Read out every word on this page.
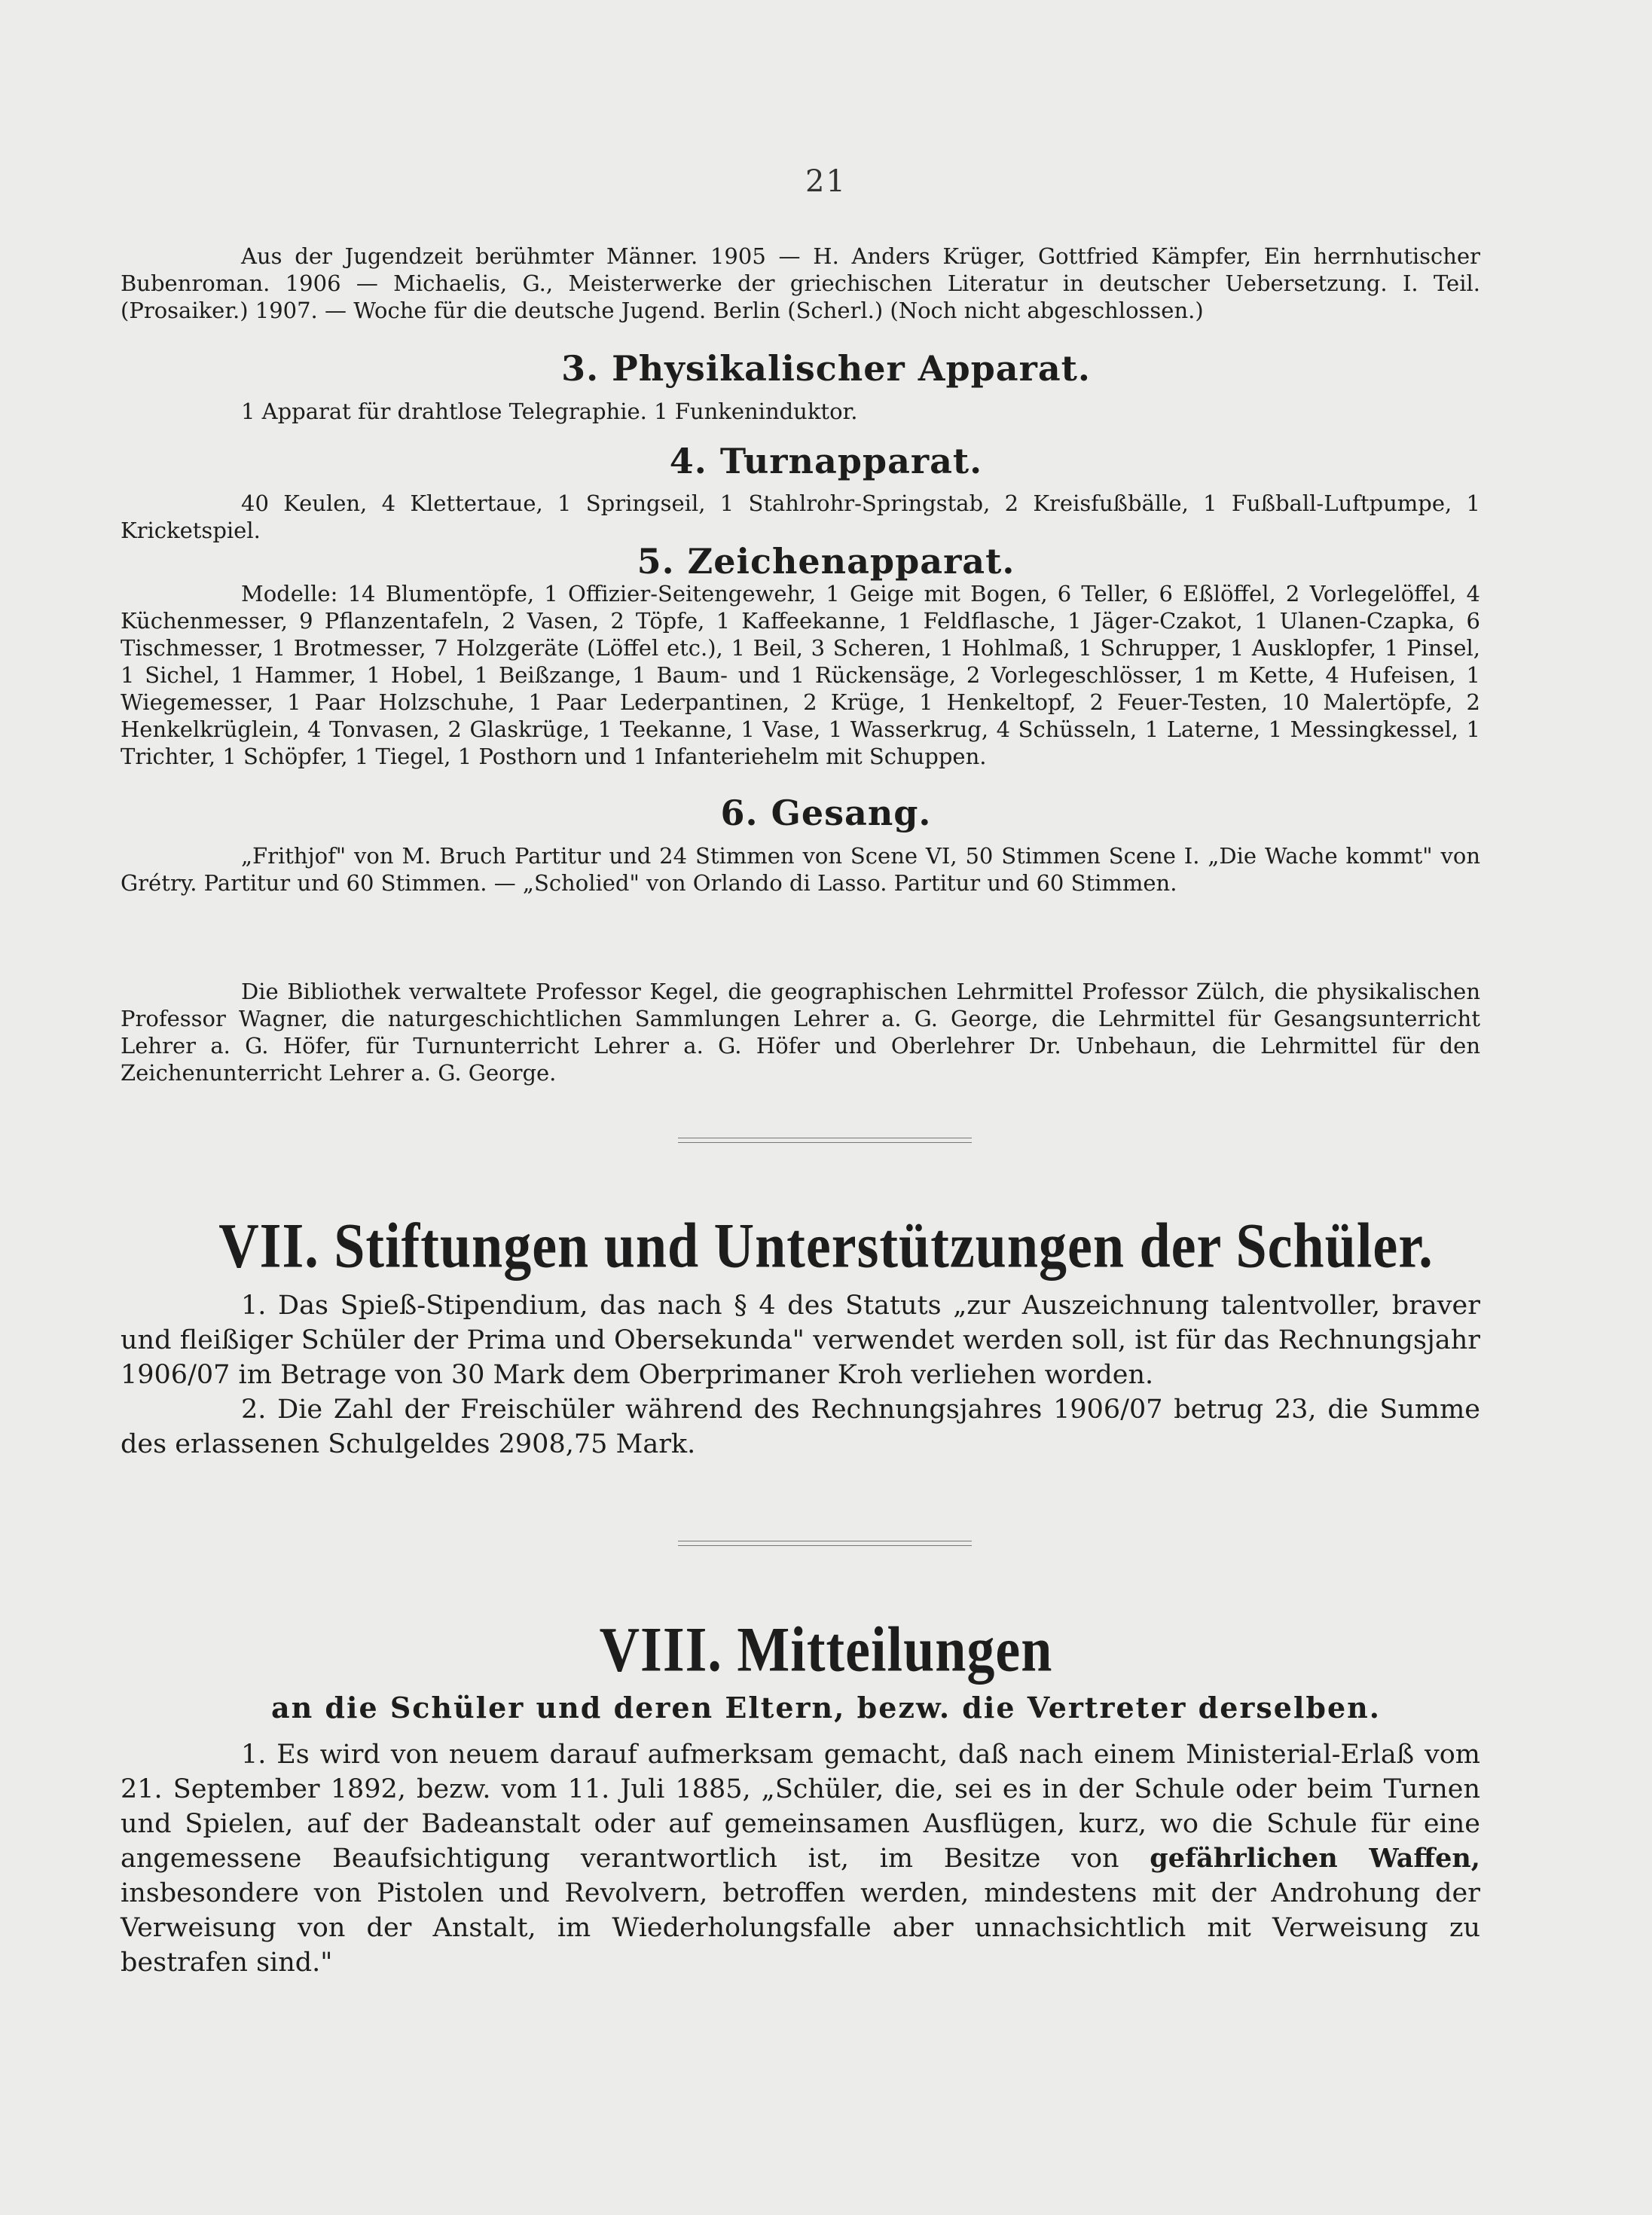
21

Aus der Jugendzeit berühmter Männer. 1905 — H. Anders Krüger, Gottfried Kämpfer, Ein herrnhutischer Bubenroman. 1906 — Michaelis, G., Meisterwerke der griechischen Literatur in deutscher Uebersetzung. I. Teil. (Prosaiker.) 1907. — Woche für die deutsche Jugend. Berlin (Scherl.) (Noch nicht abgeschlossen.)

3. Physikalischer Apparat.

1 Apparat für drahtlose Telegraphie. 1 Funkeninduktor.

4. Turnapparat.

40 Keulen, 4 Klettertaue, 1 Springseil, 1 Stahlrohr-Springstab, 2 Kreisfußbälle, 1 Fußball-Luftpumpe, 1 Kricketspiel.

5. Zeichenapparat.

Modelle: 14 Blumentöpfe, 1 Offizier-Seitengewehr, 1 Geige mit Bogen, 6 Teller, 6 Eßlöffel, 2 Vorlegelöffel, 4 Küchenmesser, 9 Pflanzentafeln, 2 Vasen, 2 Töpfe, 1 Kaffeekanne, 1 Feldflasche, 1 Jäger-Czakot, 1 Ulanen-Czapka, 6 Tischmesser, 1 Brotmesser, 7 Holzgeräte (Löffel etc.), 1 Beil, 3 Scheren, 1 Hohlmaß, 1 Schrupper, 1 Ausklopfer, 1 Pinsel, 1 Sichel, 1 Hammer, 1 Hobel, 1 Beißzange, 1 Baum- und 1 Rückensäge, 2 Vorlegeschlösser, 1 m Kette, 4 Hufeisen, 1 Wiegemesser, 1 Paar Holzschuhe, 1 Paar Lederpantinen, 2 Krüge, 1 Henkeltopf, 2 Feuer-Testen, 10 Malertöpfe, 2 Henkelkrüglein, 4 Tonvasen, 2 Glaskrüge, 1 Teekanne, 1 Vase, 1 Wasserkrug, 4 Schüsseln, 1 Laterne, 1 Messingkessel, 1 Trichter, 1 Schöpfer, 1 Tiegel, 1 Posthorn und 1 Infanteriehelm mit Schuppen.

6. Gesang.

„Frithjof" von M. Bruch Partitur und 24 Stimmen von Scene VI, 50 Stimmen Scene I. „Die Wache kommt" von Grétry. Partitur und 60 Stimmen. — „Scholied" von Orlando di Lasso. Partitur und 60 Stimmen.

Die Bibliothek verwaltete Professor Kegel, die geographischen Lehrmittel Professor Zülch, die physikalischen Professor Wagner, die naturgeschichtlichen Sammlungen Lehrer a. G. George, die Lehrmittel für Gesangsunterricht Lehrer a. G. Höfer, für Turnunterricht Lehrer a. G. Höfer und Oberlehrer Dr. Unbehaun, die Lehrmittel für den Zeichenunterricht Lehrer a. G. George.

VII. Stiftungen und Unterstützungen der Schüler.

1. Das Spieß-Stipendium, das nach § 4 des Statuts „zur Auszeichnung talentvoller, braver und fleißiger Schüler der Prima und Obersekunda" verwendet werden soll, ist für das Rechnungsjahr 1906/07 im Betrage von 30 Mark dem Oberprimaner Kroh verliehen worden.

2. Die Zahl der Freischüler während des Rechnungsjahres 1906/07 betrug 23, die Summe des erlassenen Schulgeldes 2908,75 Mark.

VIII. Mitteilungen
an die Schüler und deren Eltern, bezw. die Vertreter derselben.

1. Es wird von neuem darauf aufmerksam gemacht, daß nach einem Ministerial-Erlaß vom 21. September 1892, bezw. vom 11. Juli 1885, „Schüler, die, sei es in der Schule oder beim Turnen und Spielen, auf der Badeanstalt oder auf gemeinsamen Ausflügen, kurz, wo die Schule für eine angemessene Beaufsichtigung verantwortlich ist, im Besitze von gefährlichen Waffen, insbesondere von Pistolen und Revolvern, betroffen werden, mindestens mit der Androhung der Verweisung von der Anstalt, im Wiederholungsfalle aber unnachsichtlich mit Verweisung zu bestrafen sind."
